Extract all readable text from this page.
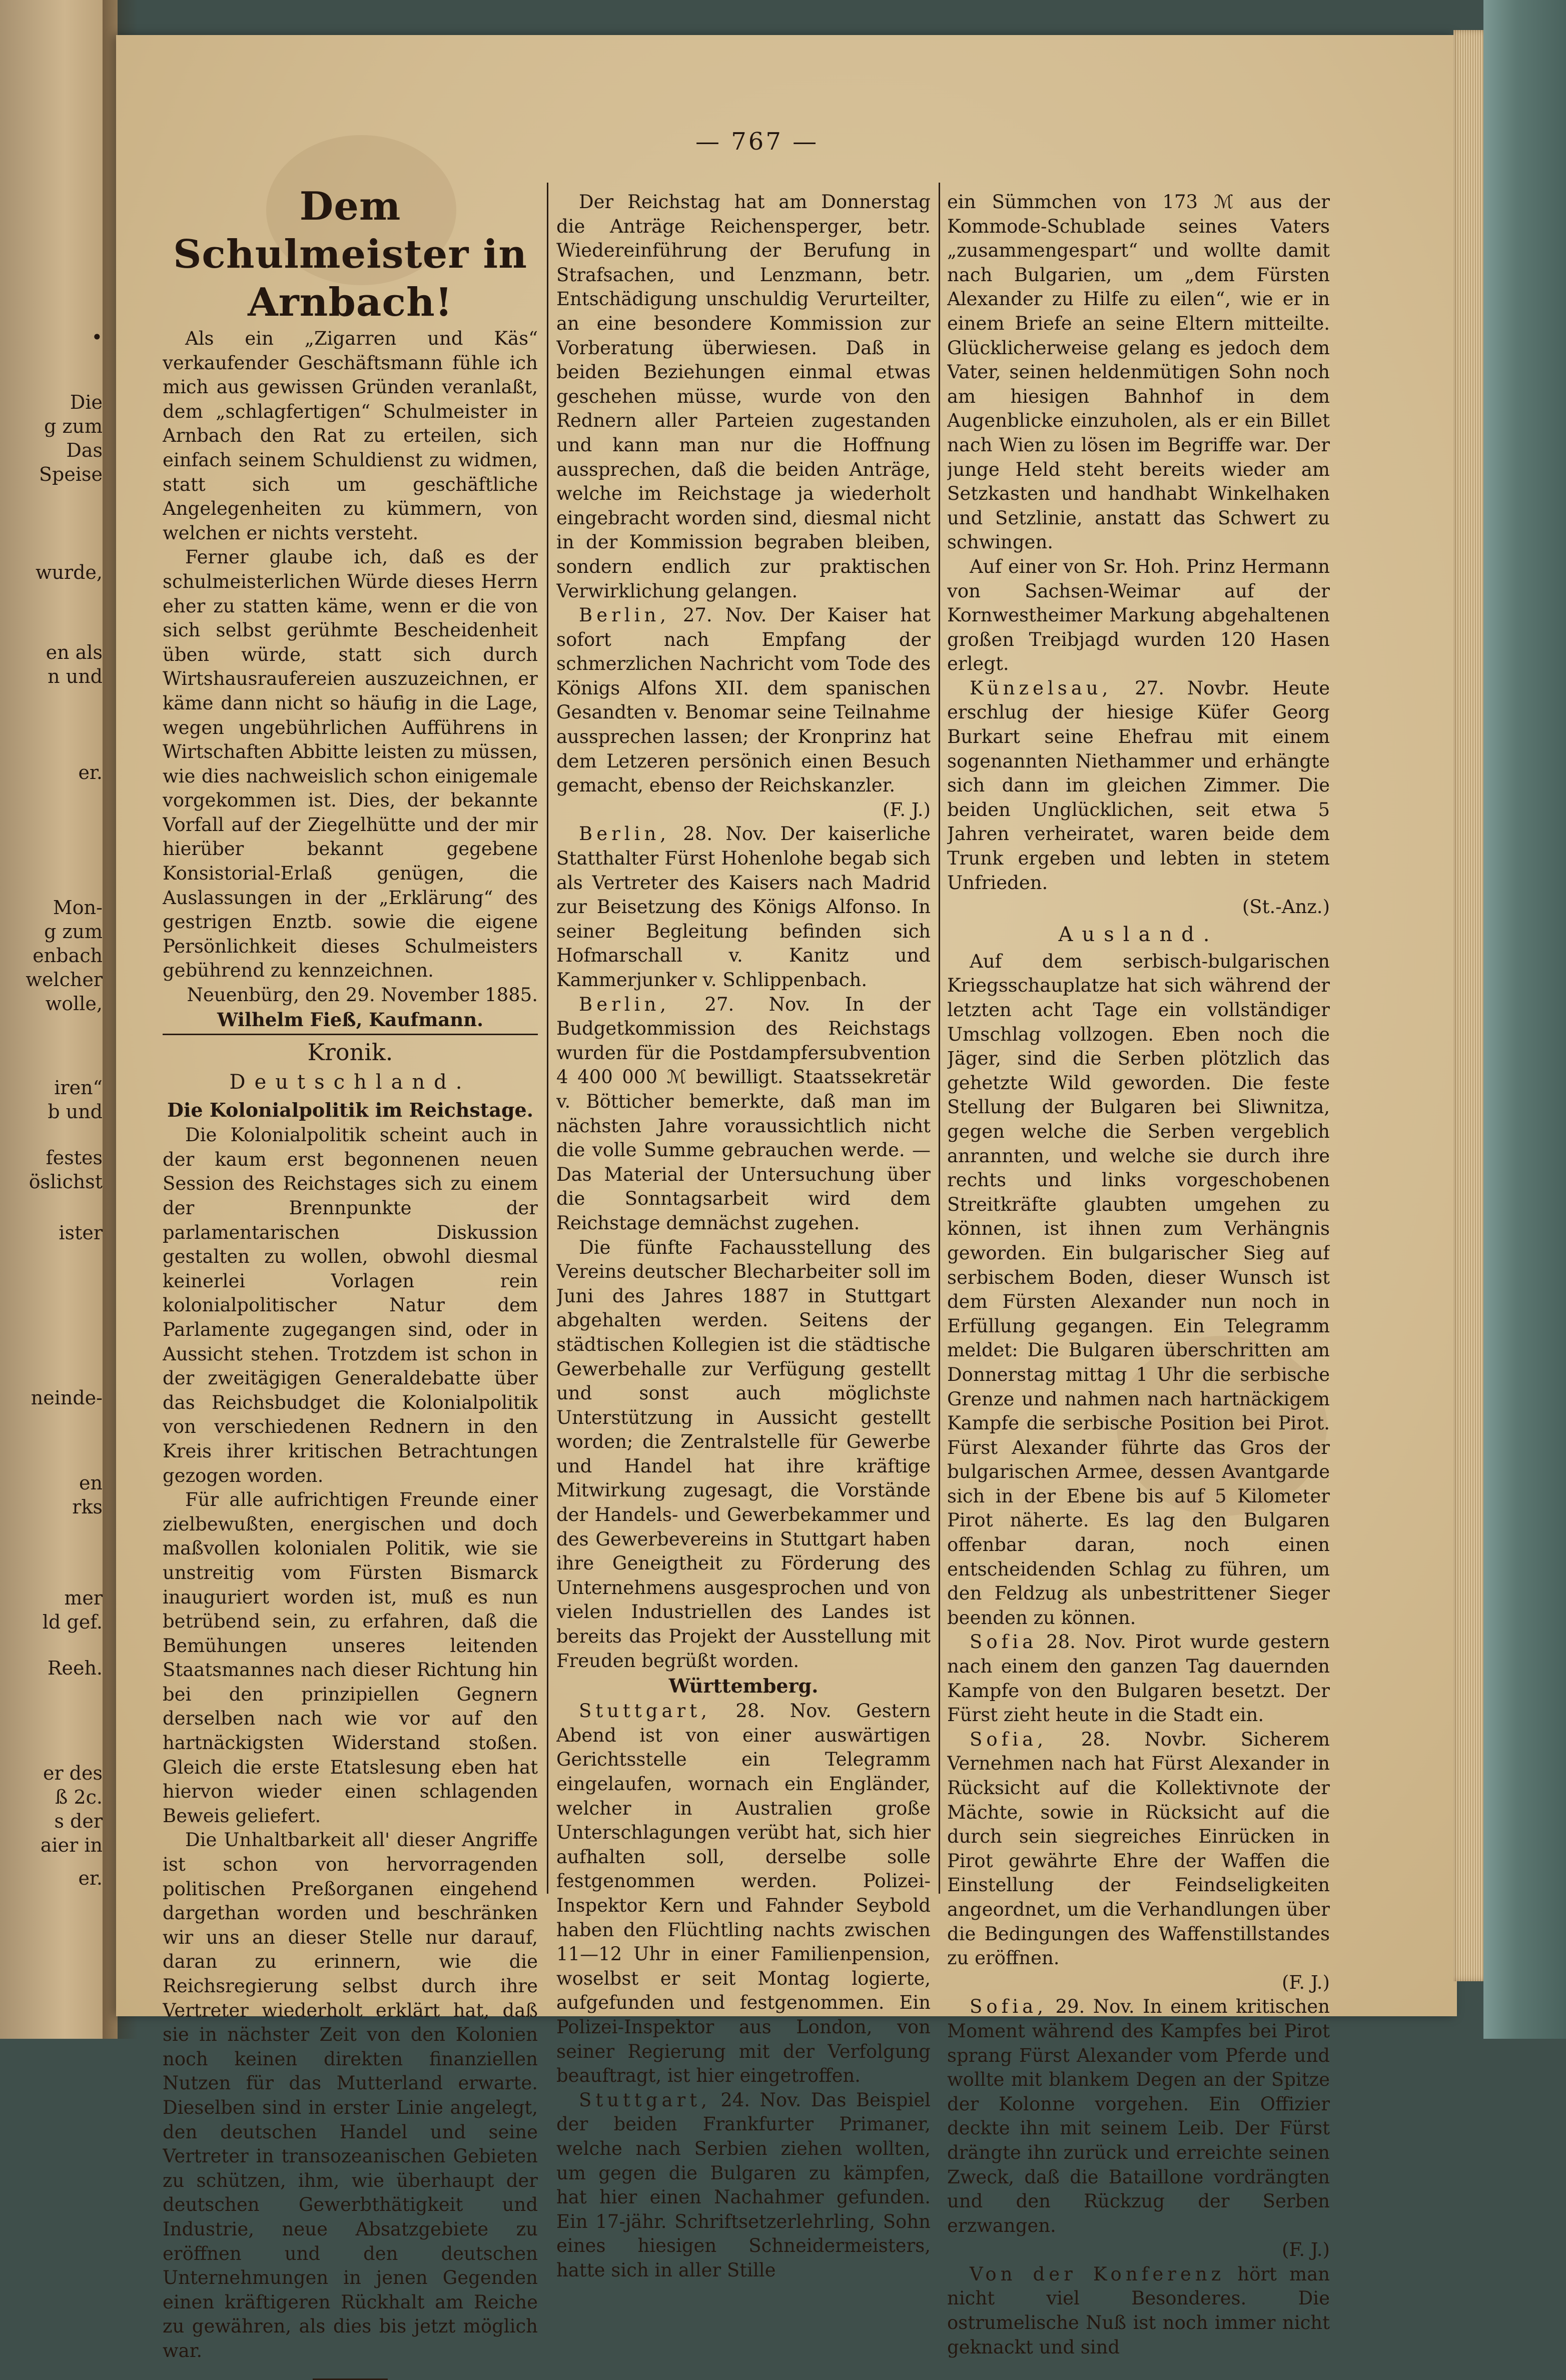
•
Die
g zum
Das
Speise
wurde,
en als
n und
er.
Mon-
g zum
enbach
welcher
wolle,
iren“
b und
festes
öslichst
ister
neinde-
en
rks
mer
ld gef.
Reeh.
er des
ß 2c.
s der
aier in
er.
— 767 —
Dem Schulmeister in Arnbach!

Als ein „Zigarren und Käs“ verkaufender Geschäftsmann fühle ich mich aus gewissen Gründen veranlaßt, dem „schlagfertigen“ Schulmeister in Arnbach den Rat zu erteilen, sich einfach seinem Schuldienst zu widmen, statt sich um geschäftliche Angelegenheiten zu kümmern, von welchen er nichts versteht.

Ferner glaube ich, daß es der schulmeisterlichen Würde dieses Herrn eher zu statten käme, wenn er die von sich selbst gerühmte Bescheidenheit üben würde, statt sich durch Wirtshausraufereien auszuzeichnen, er käme dann nicht so häufig in die Lage, wegen ungebührlichen Aufführens in Wirtschaften Abbitte leisten zu müssen, wie dies nachweislich schon einigemale vorgekommen ist. Dies, der bekannte Vorfall auf der Ziegelhütte und der mir hierüber bekannt gegebene Konsistorial-Erlaß genügen, die Auslassungen in der „Erklärung“ des gestrigen Enztb. sowie die eigene Persönlichkeit dieses Schulmeisters gebührend zu kennzeichnen.

Neuenbürg, den 29. November 1885.
Wilhelm Fieß, Kaufmann.
Kronik.
Deutschland.
Die Kolonialpolitik im Reichstage.

Die Kolonialpolitik scheint auch in der kaum erst begonnenen neuen Session des Reichstages sich zu einem der Brennpunkte der parlamentarischen Diskussion gestalten zu wollen, obwohl diesmal keinerlei Vorlagen rein kolonialpolitischer Natur dem Parlamente zugegangen sind, oder in Aussicht stehen. Trotzdem ist schon in der zweitägigen Generaldebatte über das Reichsbudget die Kolonialpolitik von verschiedenen Rednern in den Kreis ihrer kritischen Betrachtungen gezogen worden.

Für alle aufrichtigen Freunde einer zielbewußten, energischen und doch maßvollen kolonialen Politik, wie sie unstreitig vom Fürsten Bismarck inauguriert worden ist, muß es nun betrübend sein, zu erfahren, daß die Bemühungen unseres leitenden Staatsmannes nach dieser Richtung hin bei den prinzipiellen Gegnern derselben nach wie vor auf den hartnäckigsten Widerstand stoßen. Gleich die erste Etatslesung eben hat hiervon wieder einen schlagenden Beweis geliefert.

Die Unhaltbarkeit all' dieser Angriffe ist schon von hervorragenden politischen Preßorganen eingehend dargethan worden und beschränken wir uns an dieser Stelle nur darauf, daran zu erinnern, wie die Reichsregierung selbst durch ihre Vertreter wiederholt erklärt hat, daß sie in nächster Zeit von den Kolonien noch keinen direkten finanziellen Nutzen für das Mutterland erwarte. Dieselben sind in erster Linie angelegt, den deutschen Handel und seine Vertreter in transozeanischen Gebieten zu schützen, ihm, wie überhaupt der deutschen Gewerbthätigkeit und Industrie, neue Absatzgebiete zu eröffnen und den deutschen Unternehmungen in jenen Gegenden einen kräftigeren Rückhalt am Reiche zu gewähren, als dies bis jetzt möglich war.

Der Reichstag hat am Donnerstag die Anträge Reichensperger, betr. Wiedereinführung der Berufung in Strafsachen, und Lenzmann, betr. Entschädigung unschuldig Verurteilter, an eine besondere Kommission zur Vorberatung überwiesen. Daß in beiden Beziehungen einmal etwas geschehen müsse, wurde von den Rednern aller Parteien zugestanden und kann man nur die Hoffnung aussprechen, daß die beiden Anträge, welche im Reichstage ja wiederholt eingebracht worden sind, diesmal nicht in der Kommission begraben bleiben, sondern endlich zur praktischen Verwirklichung gelangen.

Berlin, 27. Nov. Der Kaiser hat sofort nach Empfang der schmerzlichen Nachricht vom Tode des Königs Alfons XII. dem spanischen Gesandten v. Benomar seine Teilnahme aussprechen lassen; der Kronprinz hat dem Letzeren persönich einen Besuch gemacht, ebenso der Reichskanzler.

(F. J.)

Berlin, 28. Nov. Der kaiserliche Statthalter Fürst Hohenlohe begab sich als Vertreter des Kaisers nach Madrid zur Beisetzung des Königs Alfonso. In seiner Begleitung befinden sich Hofmarschall v. Kanitz und Kammerjunker v. Schlippenbach.

Berlin, 27. Nov. In der Budgetkommission des Reichstags wurden für die Postdampfersubvention 4 400 000 ℳ bewilligt. Staatssekretär v. Bötticher bemerkte, daß man im nächsten Jahre voraussichtlich nicht die volle Summe gebrauchen werde. — Das Material der Untersuchung über die Sonntagsarbeit wird dem Reichstage demnächst zugehen.

Die fünfte Fachausstellung des Vereins deutscher Blecharbeiter soll im Juni des Jahres 1887 in Stuttgart abgehalten werden. Seitens der städtischen Kollegien ist die städtische Gewerbehalle zur Verfügung gestellt und sonst auch möglichste Unterstützung in Aussicht gestellt worden; die Zentralstelle für Gewerbe und Handel hat ihre kräftige Mitwirkung zugesagt, die Vorstände der Handels- und Gewerbekammer und des Gewerbevereins in Stuttgart haben ihre Geneigtheit zu Förderung des Unternehmens ausgesprochen und von vielen Industriellen des Landes ist bereits das Projekt der Ausstellung mit Freuden begrüßt worden.

Württemberg.

Stuttgart, 28. Nov. Gestern Abend ist von einer auswärtigen Gerichtsstelle ein Telegramm eingelaufen, wornach ein Engländer, welcher in Australien große Unterschlagungen verübt hat, sich hier aufhalten soll, derselbe solle festgenommen werden. Polizei-Inspektor Kern und Fahnder Seybold haben den Flüchtling nachts zwischen 11—12 Uhr in einer Familienpension, woselbst er seit Montag logierte, aufgefunden und festgenommen. Ein Polizei-Inspektor aus London, von seiner Regierung mit der Verfolgung beauftragt, ist hier eingetroffen.

Stuttgart, 24. Nov. Das Beispiel der beiden Frankfurter Primaner, welche nach Serbien ziehen wollten, um gegen die Bulgaren zu kämpfen, hat hier einen Nachahmer gefunden. Ein 17-jähr. Schriftsetzerlehrling, Sohn eines hiesigen Schneidermeisters, hatte sich in aller Stille

ein Sümmchen von 173 ℳ aus der Kommode-Schublade seines Vaters „zusammengespart“ und wollte damit nach Bulgarien, um „dem Fürsten Alexander zu Hilfe zu eilen“, wie er in einem Briefe an seine Eltern mitteilte. Glücklicherweise gelang es jedoch dem Vater, seinen heldenmütigen Sohn noch am hiesigen Bahnhof in dem Augenblicke einzuholen, als er ein Billet nach Wien zu lösen im Begriffe war. Der junge Held steht bereits wieder am Setzkasten und handhabt Winkelhaken und Setzlinie, anstatt das Schwert zu schwingen.

Auf einer von Sr. Hoh. Prinz Hermann von Sachsen-Weimar auf der Kornwestheimer Markung abgehaltenen großen Treibjagd wurden 120 Hasen erlegt.

Künzelsau, 27. Novbr. Heute erschlug der hiesige Küfer Georg Burkart seine Ehefrau mit einem sogenannten Niethammer und erhängte sich dann im gleichen Zimmer. Die beiden Unglücklichen, seit etwa 5 Jahren verheiratet, waren beide dem Trunk ergeben und lebten in stetem Unfrieden.

(St.-Anz.)
Ausland.

Auf dem serbisch-bulgarischen Kriegsschauplatze hat sich während der letzten acht Tage ein vollständiger Umschlag vollzogen. Eben noch die Jäger, sind die Serben plötzlich das gehetzte Wild geworden. Die feste Stellung der Bulgaren bei Sliwnitza, gegen welche die Serben vergeblich anrannten, und welche sie durch ihre rechts und links vorgeschobenen Streitkräfte glaubten umgehen zu können, ist ihnen zum Verhängnis geworden. Ein bulgarischer Sieg auf serbischem Boden, dieser Wunsch ist dem Fürsten Alexander nun noch in Erfüllung gegangen. Ein Telegramm meldet: Die Bulgaren überschritten am Donnerstag mittag 1 Uhr die serbische Grenze und nahmen nach hartnäckigem Kampfe die serbische Position bei Pirot. Fürst Alexander führte das Gros der bulgarischen Armee, dessen Avantgarde sich in der Ebene bis auf 5 Kilometer Pirot näherte. Es lag den Bulgaren offenbar daran, noch einen entscheidenden Schlag zu führen, um den Feldzug als unbestrittener Sieger beenden zu können.

Sofia 28. Nov. Pirot wurde gestern nach einem den ganzen Tag dauernden Kampfe von den Bulgaren besetzt. Der Fürst zieht heute in die Stadt ein.

Sofia, 28. Novbr. Sicherem Vernehmen nach hat Fürst Alexander in Rücksicht auf die Kollektivnote der Mächte, sowie in Rücksicht auf die durch sein siegreiches Einrücken in Pirot gewährte Ehre der Waffen die Einstellung der Feindseligkeiten angeordnet, um die Verhandlungen über die Bedingungen des Waffenstillstandes zu eröffnen.

(F. J.)

Sofia, 29. Nov. In einem kritischen Moment während des Kampfes bei Pirot sprang Fürst Alexander vom Pferde und wollte mit blankem Degen an der Spitze der Kolonne vorgehen. Ein Offizier deckte ihn mit seinem Leib. Der Fürst drängte ihn zurück und erreichte seinen Zweck, daß die Bataillone vordrängten und den Rückzug der Serben erzwangen.

(F. J.)

Von der Konferenz hört man nicht viel Besonderes. Die ostrumelische Nuß ist noch immer nicht geknackt und sind
